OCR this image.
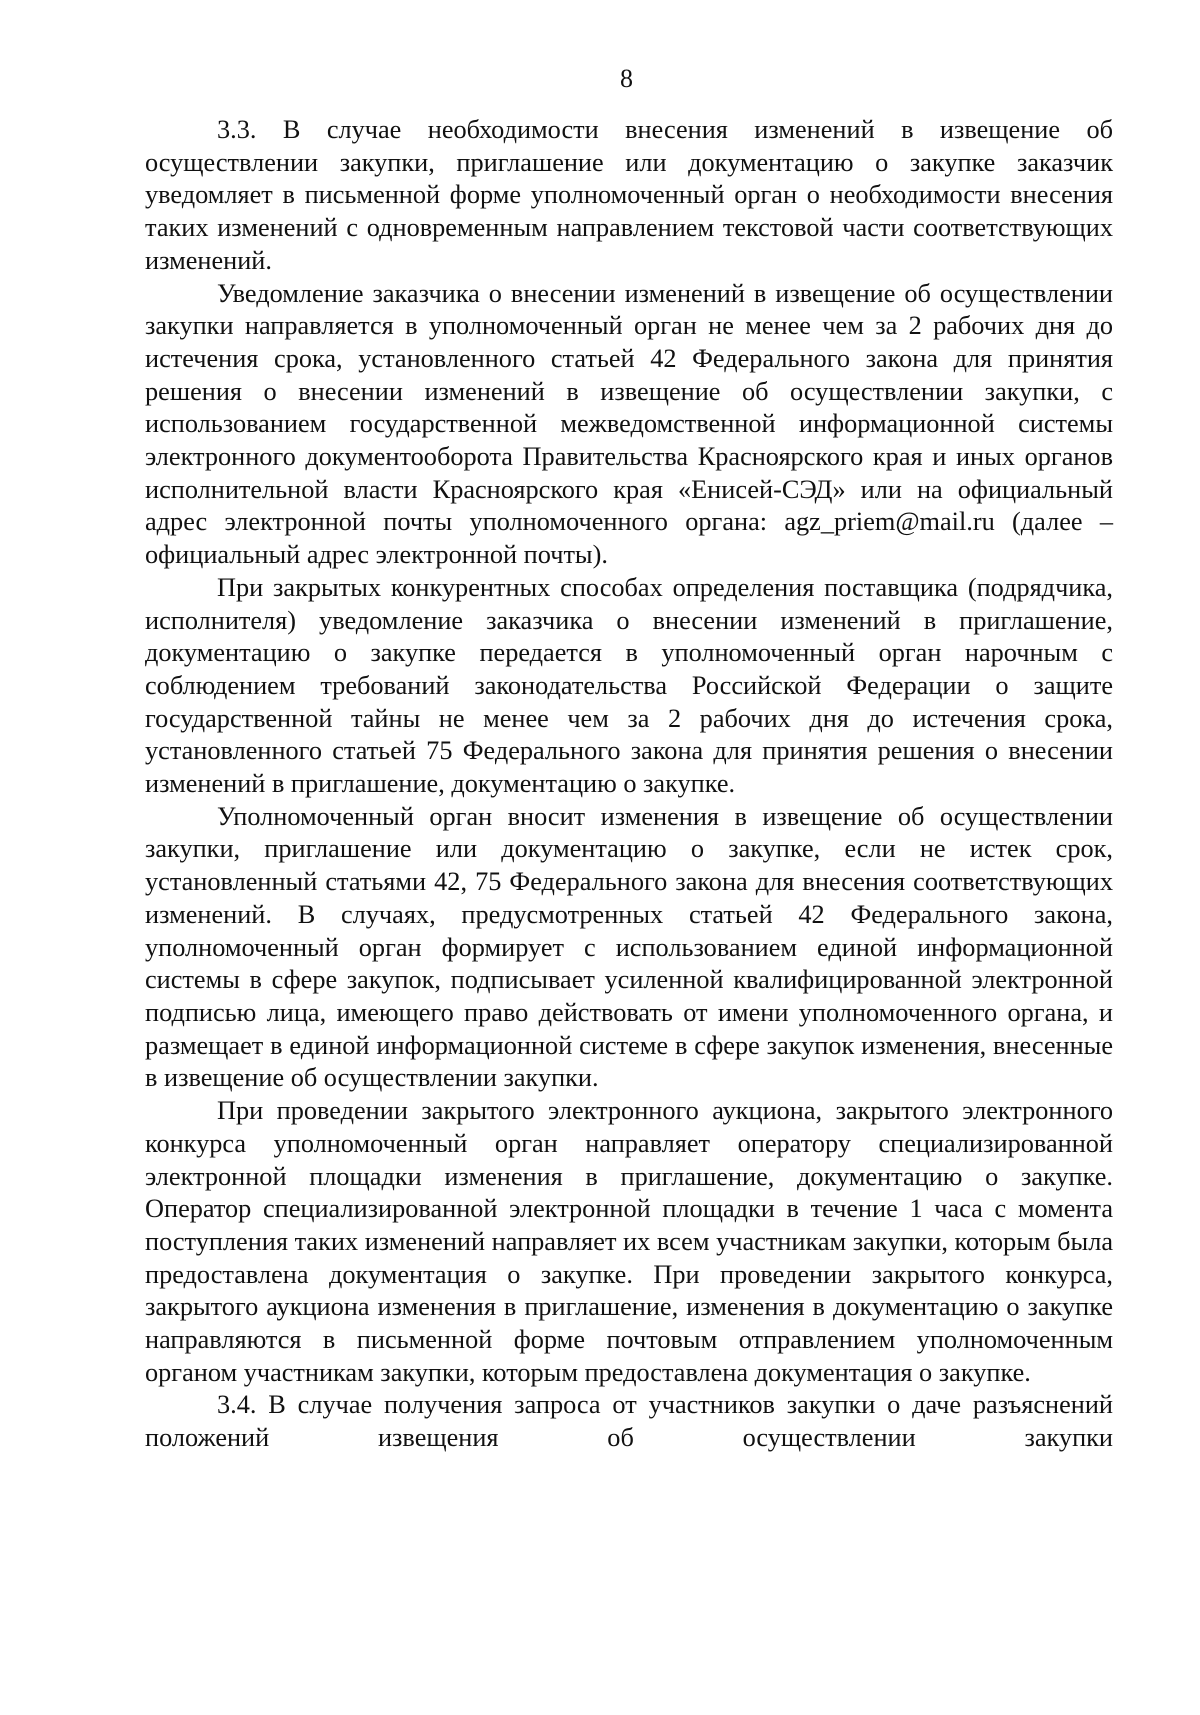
8

3.3. В случае необходимости внесения изменений в извещение об осуществлении закупки, приглашение или документацию о закупке заказчик уведомляет в письменной форме уполномоченный орган о необходимости внесения таких изменений с одновременным направлением текстовой части соответствующих изменений.

Уведомление заказчика о внесении изменений в извещение об осуществлении закупки направляется в уполномоченный орган не менее чем за 2 рабочих дня до истечения срока, установленного статьей 42 Федерального закона для принятия решения о внесении изменений в извещение об осуществлении закупки, с использованием государственной межведомственной информационной системы электронного документооборота Правительства Красноярского края и иных органов исполнительной власти Красноярского края «Енисей-СЭД» или на официальный адрес электронной почты уполномоченного органа: agz_priem@mail.ru (далее – официальный адрес электронной почты).

При закрытых конкурентных способах определения поставщика (подрядчика, исполнителя) уведомление заказчика о внесении изменений в приглашение, документацию о закупке передается в уполномоченный орган нарочным с соблюдением требований законодательства Российской Федерации о защите государственной тайны не менее чем за 2 рабочих дня до истечения срока, установленного статьей 75 Федерального закона для принятия решения о внесении изменений в приглашение, документацию о закупке.

Уполномоченный орган вносит изменения в извещение об осуществлении закупки, приглашение или документацию о закупке, если не истек срок, установленный статьями 42, 75 Федерального закона для внесения соответствующих изменений. В случаях, предусмотренных статьей 42 Федерального закона, уполномоченный орган формирует с использованием единой информационной системы в сфере закупок, подписывает усиленной квалифицированной электронной подписью лица, имеющего право действовать от имени уполномоченного органа, и размещает в единой информационной системе в сфере закупок изменения, внесенные в извещение об осуществлении закупки.

При проведении закрытого электронного аукциона, закрытого электронного конкурса уполномоченный орган направляет оператору специализированной электронной площадки изменения в приглашение, документацию о закупке. Оператор специализированной электронной площадки в течение 1 часа с момента поступления таких изменений направляет их всем участникам закупки, которым была предоставлена документация о закупке. При проведении закрытого конкурса, закрытого аукциона изменения в приглашение, изменения в документацию о закупке направляются в письменной форме почтовым отправлением уполномоченным органом участникам закупки, которым предоставлена документация о закупке.

3.4. В случае получения запроса от участников закупки о даче разъяснений положений извещения об осуществлении закупки
